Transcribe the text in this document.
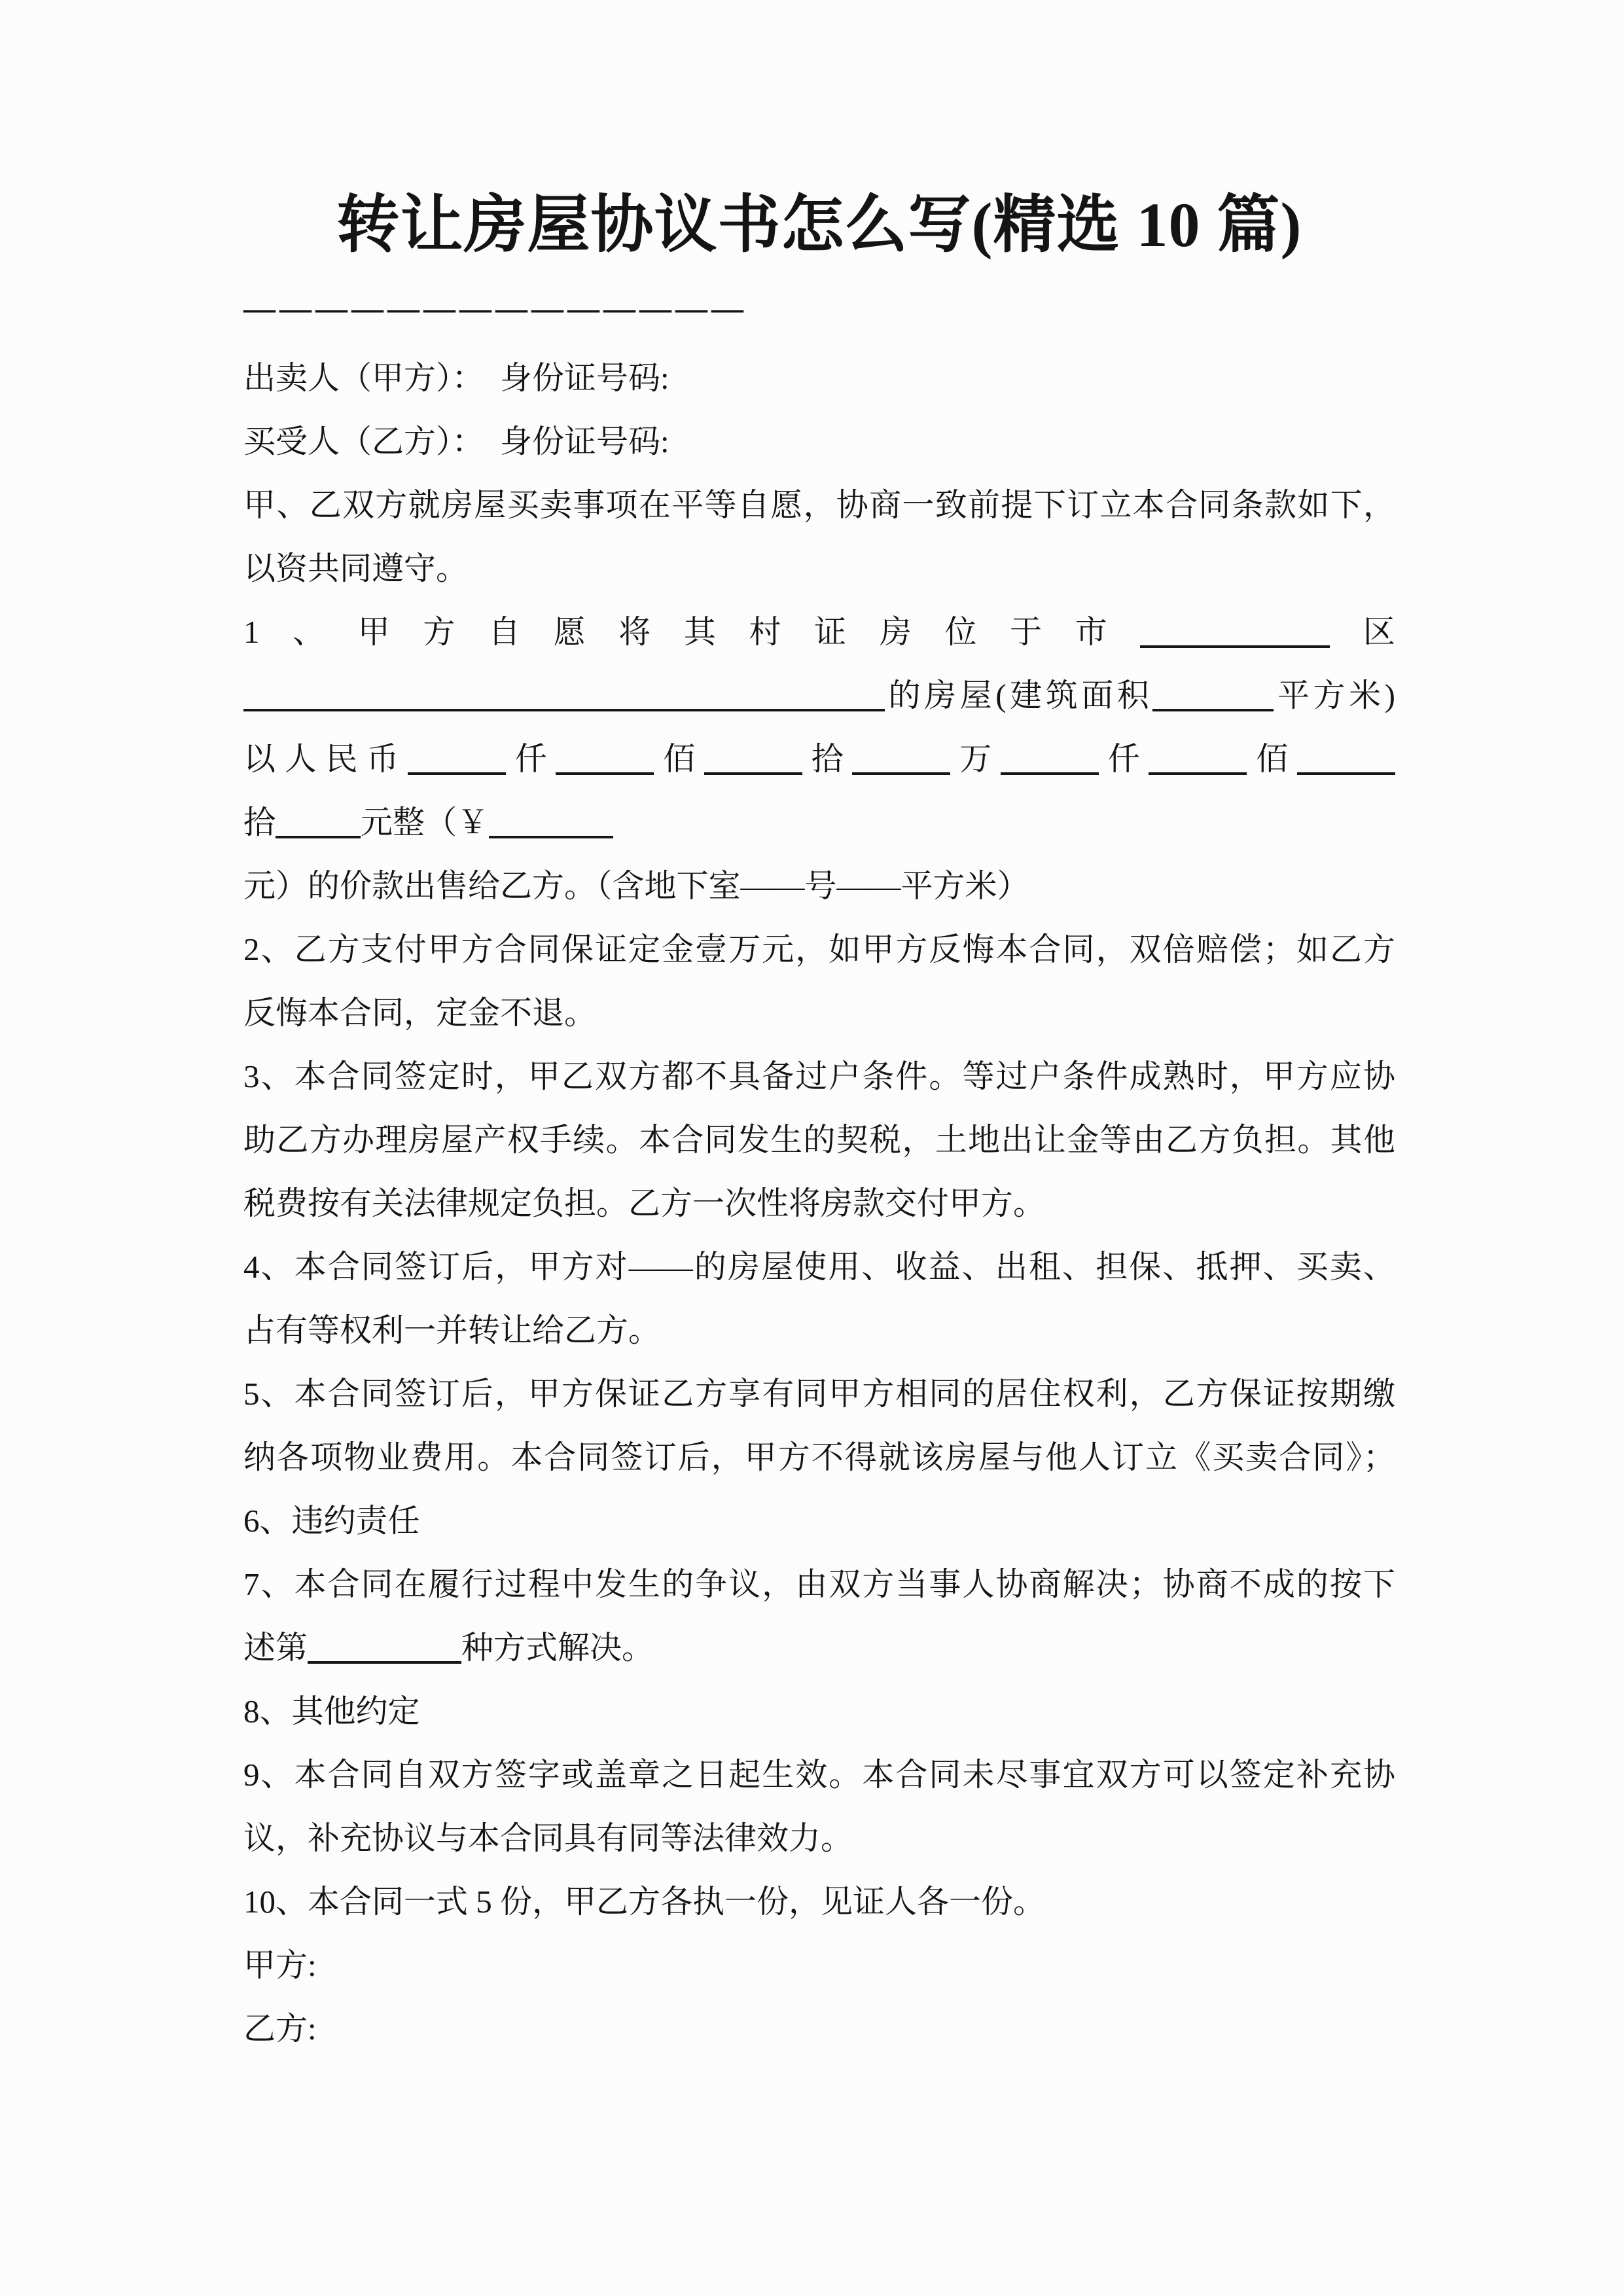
转让房屋协议书怎么写(精选 10 篇)
——————————————
出卖人（甲方）：　身份证号码:
买受人（乙方）：　身份证号码:
甲、乙双方就房屋买卖事项在平等自愿，协商一致前提下订立本合同条款如下，
以资共同遵守。
1、甲方自愿将其村证房位于市	区
的房屋(建筑面积	平方米)
以人民币	仟	佰	拾	万	仟	佰
拾	元整（￥
元）的价款出售给乙方。（含地下室——号——平方米）
2、乙方支付甲方合同保证定金壹万元，如甲方反悔本合同，双倍赔偿；如乙方
反悔本合同，定金不退。
3、本合同签定时，甲乙双方都不具备过户条件。等过户条件成熟时，甲方应协
助乙方办理房屋产权手续。本合同发生的契税，土地出让金等由乙方负担。其他
税费按有关法律规定负担。乙方一次性将房款交付甲方。
4、本合同签订后，甲方对——的房屋使用、收益、出租、担保、抵押、买卖、
占有等权利一并转让给乙方。
5、本合同签订后，甲方保证乙方享有同甲方相同的居住权利，乙方保证按期缴
纳各项物业费用。本合同签订后，甲方不得就该房屋与他人订立《买卖合同》；
6、违约责任
7、本合同在履行过程中发生的争议，由双方当事人协商解决；协商不成的按下
述第	种方式解决。
8、其他约定
9、本合同自双方签字或盖章之日起生效。本合同未尽事宜双方可以签定补充协
议，补充协议与本合同具有同等法律效力。
10、本合同一式 5 份，甲乙方各执一份，见证人各一份。
甲方:
乙方:
